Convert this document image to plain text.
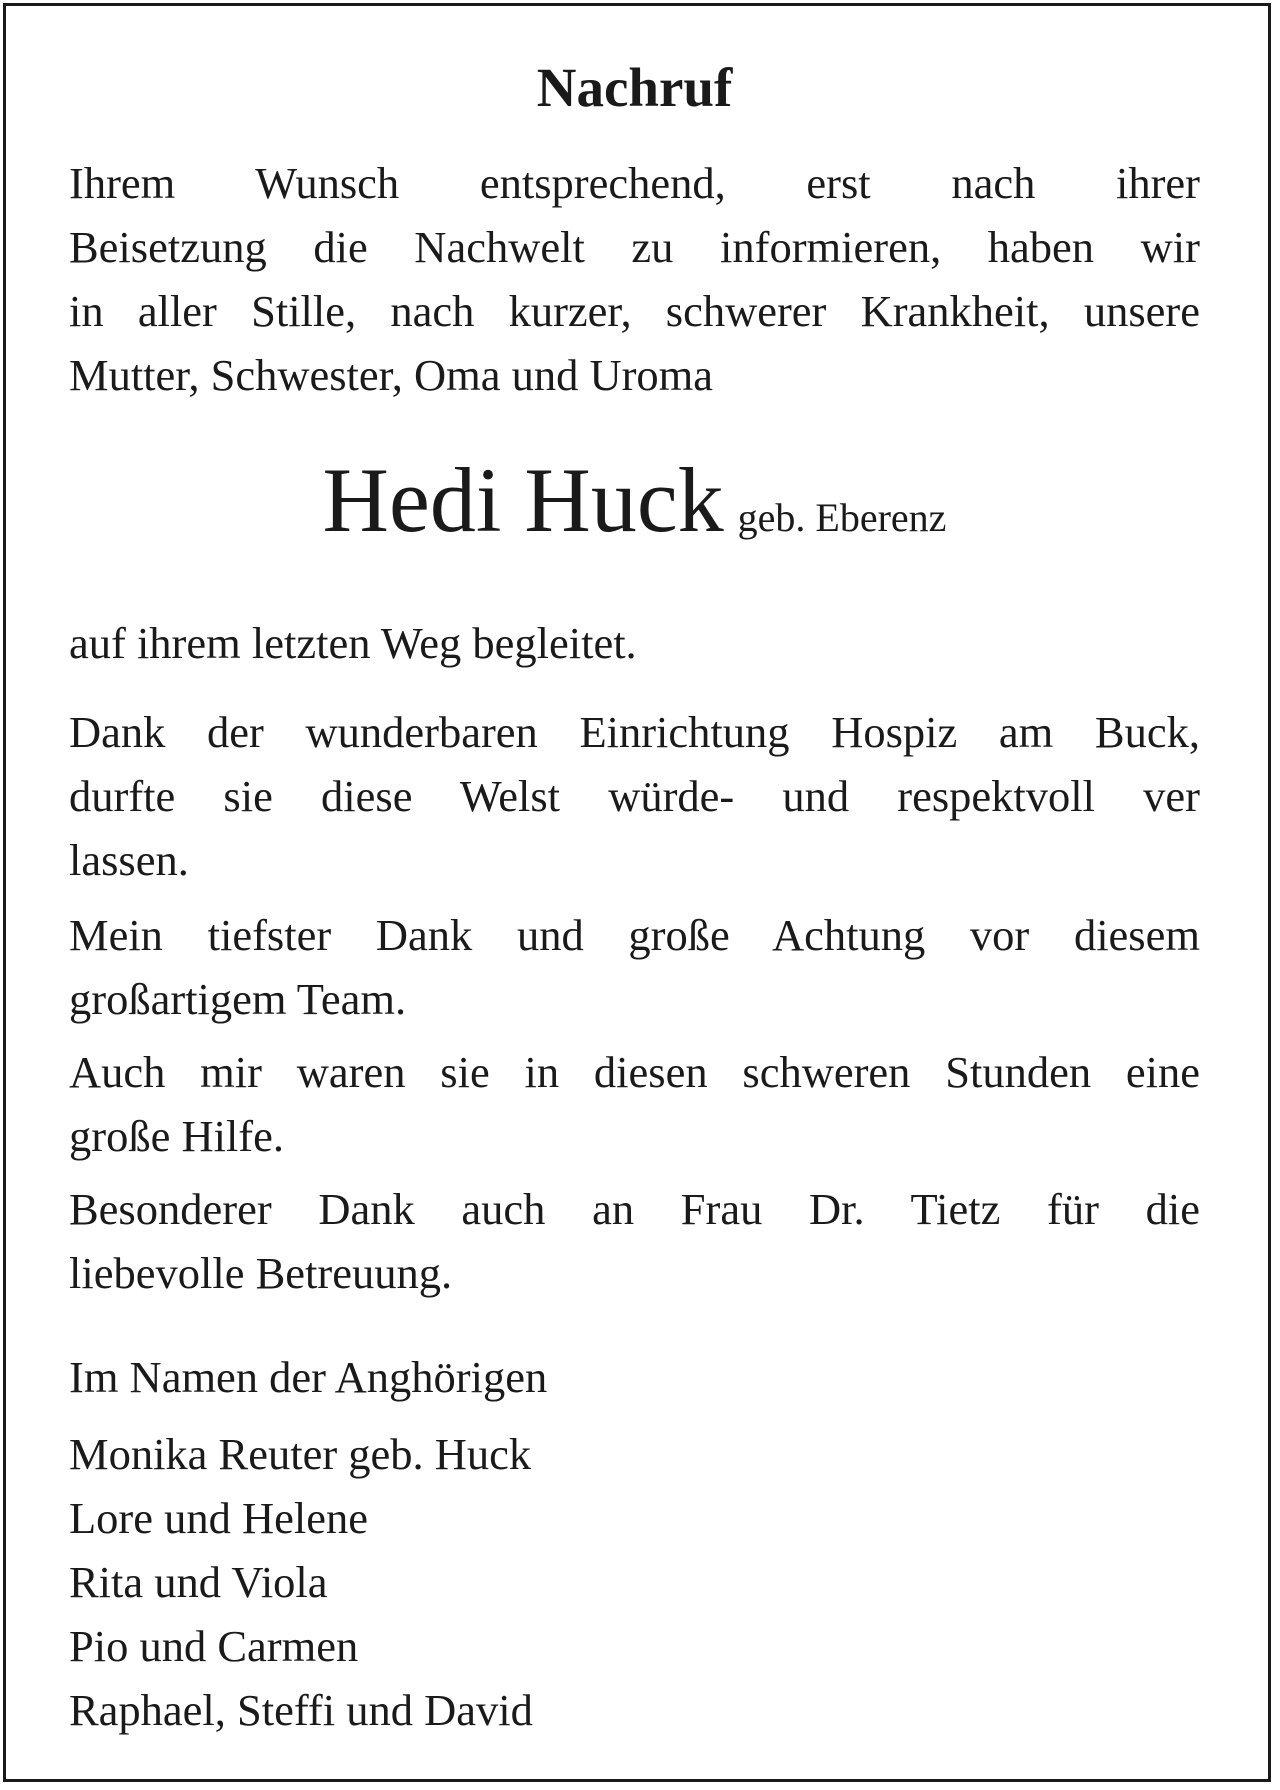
Nachruf

Ihrem Wunsch entsprechend, erst nach ihrer
Beisetzung die Nachwelt zu informieren, haben wir
in aller Stille, nach kurzer, schwerer Krankheit, unsere
Mutter, Schwester, Oma und Uroma

Hedi Huck geb. Eberenz

auf ihrem letzten Weg begleitet.

Dank der wunderbaren Einrichtung Hospiz am Buck,
durfte sie diese Welst würde- und respektvoll ver
lassen.

Mein tiefster Dank und große Achtung vor diesem
großartigem Team.

Auch mir waren sie in diesen schweren Stunden eine
große Hilfe.

Besonderer Dank auch an Frau Dr. Tietz für die
liebevolle Betreuung.

Im Namen der Anghörigen

Monika Reuter geb. Huck

Lore und Helene

Rita und Viola

Pio und Carmen

Raphael, Steffi und David
